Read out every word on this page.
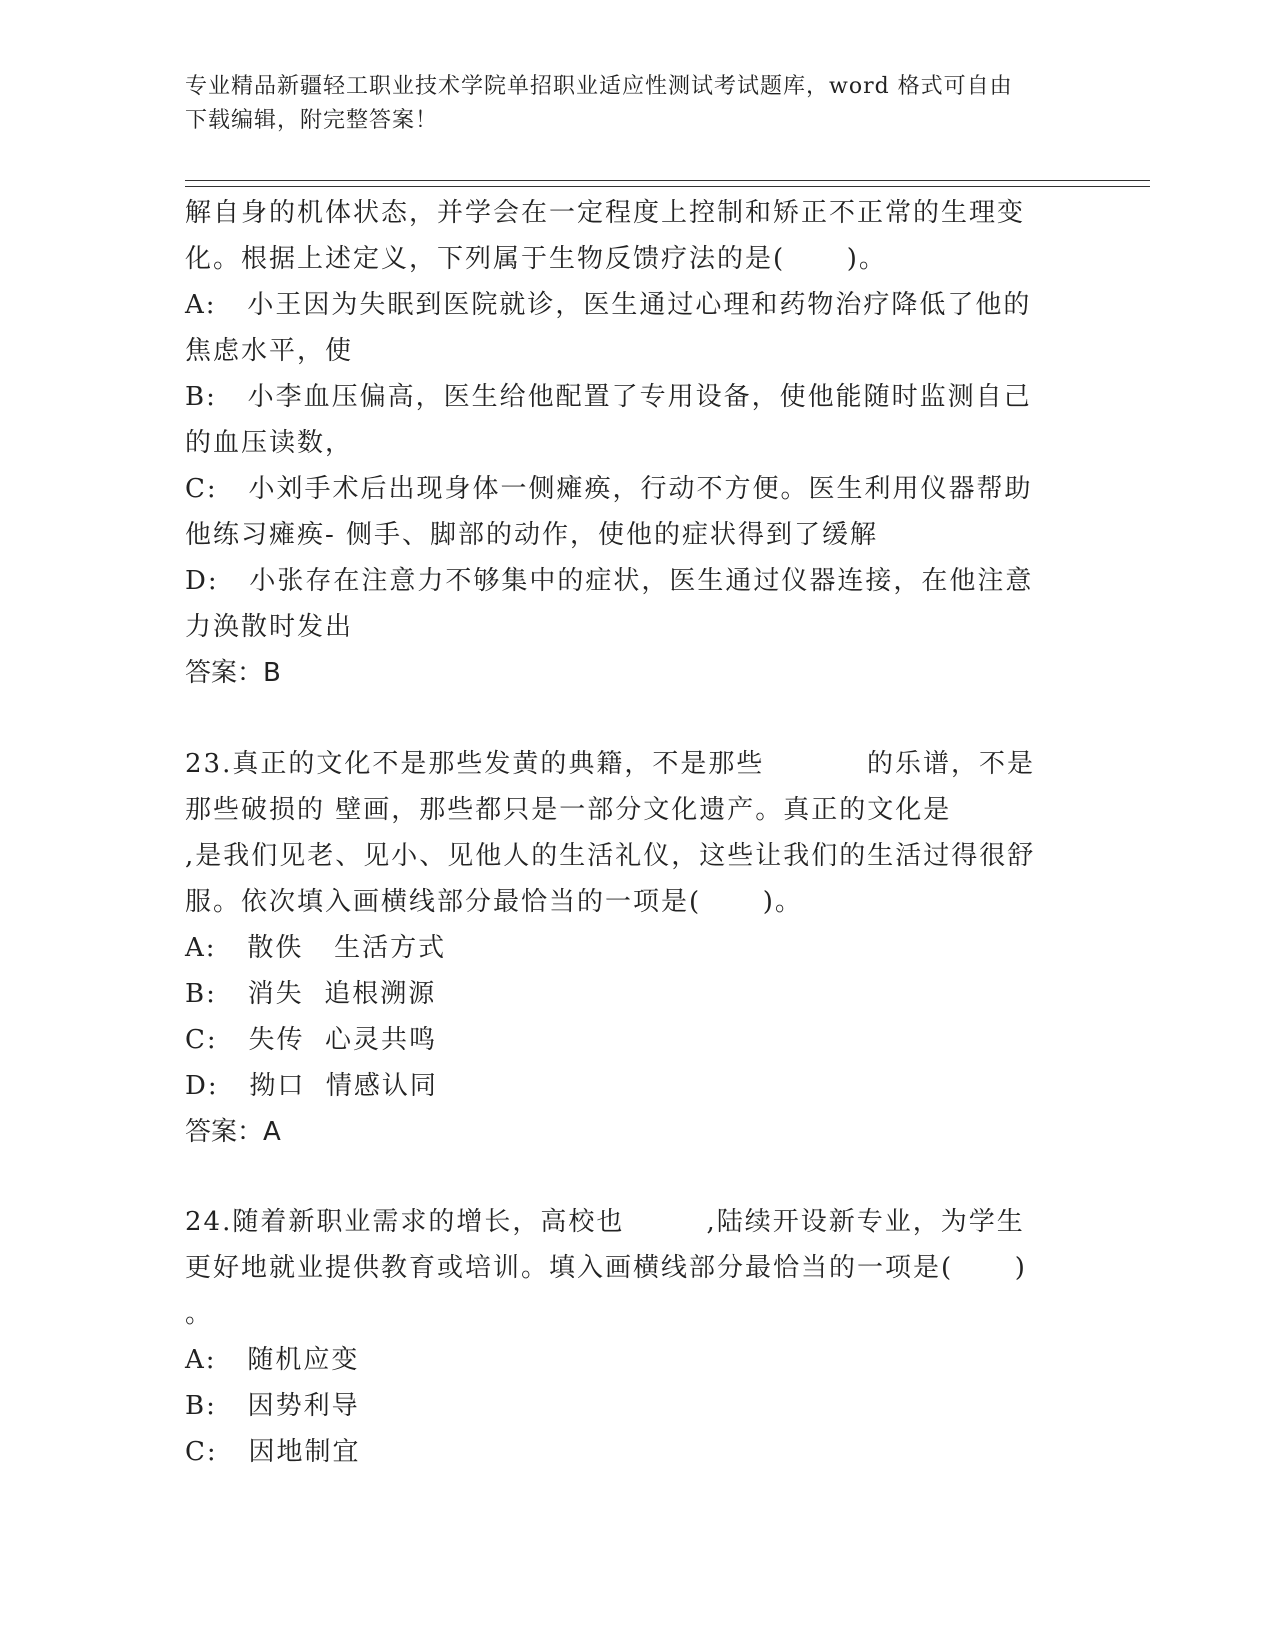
专业精品新疆轻工职业技术学院单招职业适应性测试考试题库，word 格式可自由
下载编辑，附完整答案！

解自身的机体状态，并学会在一定程度上控制和矫正不正常的生理变

化。根据上述定义，下列属于生物反馈疗法的是(      )。

A:   小王因为失眠到医院就诊，医生通过心理和药物治疗降低了他的

焦虑水平，使

B:   小李血压偏高，医生给他配置了专用设备，使他能随时监测自己

的血压读数，

C:   小刘手术后出现身体一侧瘫痪，行动不方便。医生利用仪器帮助

他练习瘫痪- 侧手、脚部的动作，使他的症状得到了缓解

D:   小张存在注意力不够集中的症状，医生通过仪器连接，在他注意

力涣散时发出

答案：B

23.真正的文化不是那些发黄的典籍，不是那些          的乐谱，不是

那些破损的 壁画，那些都只是一部分文化遗产。真正的文化是

,是我们见老、见小、见他人的生活礼仪，这些让我们的生活过得很舒

服。依次填入画横线部分最恰当的一项是(      )。

A:   散佚   生活方式

B:   消失  追根溯源

C:   失传  心灵共鸣

D:   拗口  情感认同

答案：A

24.随着新职业需求的增长，高校也        ,陆续开设新专业，为学生

更好地就业提供教育或培训。填入画横线部分最恰当的一项是(      )

。

A:   随机应变

B:   因势利导

C:   因地制宜
